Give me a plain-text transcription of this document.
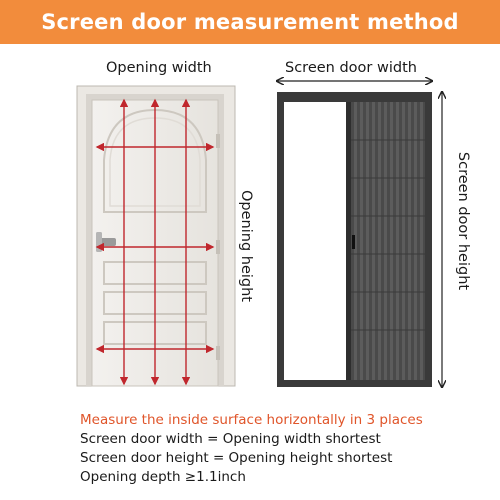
Screen door measurement method
Opening width	Screen door width
Opening height	Screen door height
Measure the inside surface horizontally in 3 places
Screen door width = Opening width shortest
Screen door height = Opening height shortest
Opening depth ≥1.1inch
